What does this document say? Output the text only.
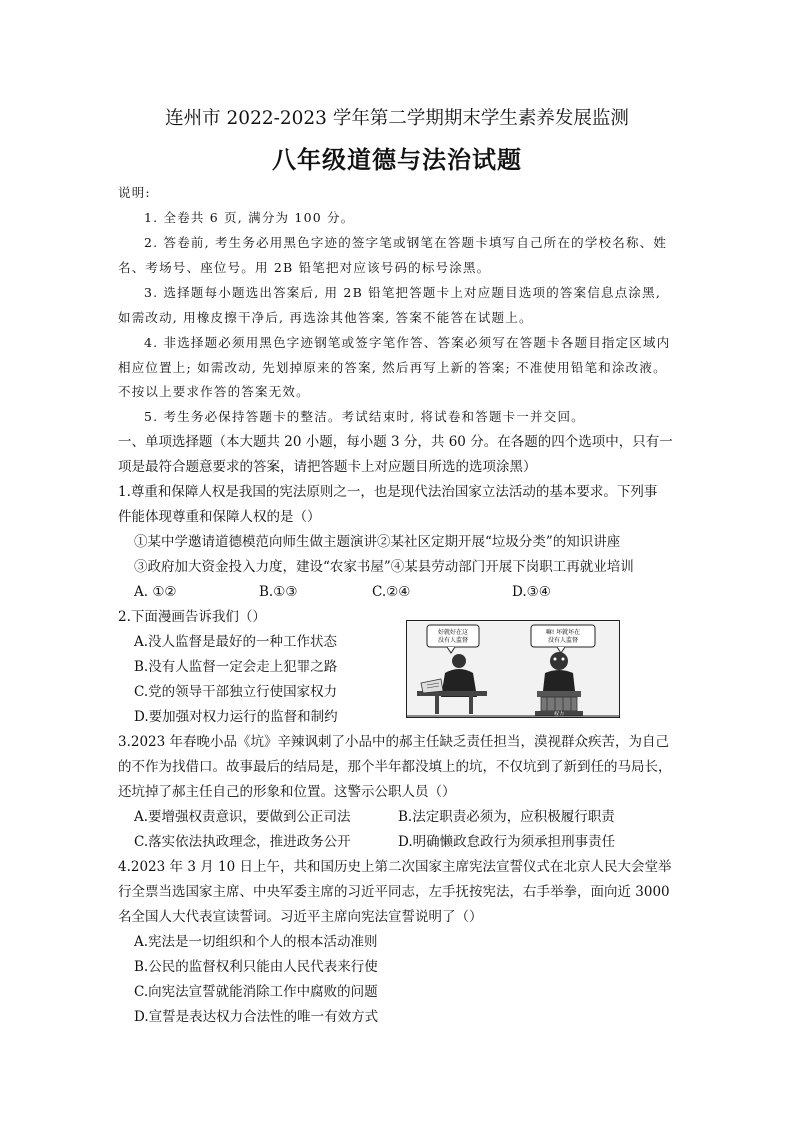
连州市 2022-2023 学年第二学期期末学生素养发展监测
八年级道德与法治试题
说明:
1. 全卷共 6 页, 满分为 100 分。
2. 答卷前, 考生务必用黑色字迹的签字笔或钢笔在答题卡填写自己所在的学校名称、姓
名、考场号、座位号。用 2B 铅笔把对应该号码的标号涂黑。
3. 选择题每小题选出答案后, 用 2B 铅笔把答题卡上对应题目选项的答案信息点涂黑,
如需改动, 用橡皮擦干净后, 再选涂其他答案, 答案不能答在试题上。
4. 非选择题必须用黑色字迹钢笔或签字笔作答、答案必须写在答题卡各题目指定区域内
相应位置上; 如需改动, 先划掉原来的答案, 然后再写上新的答案; 不准使用铅笔和涂改液。
不按以上要求作答的答案无效。
5. 考生务必保持答题卡的整洁。考试结束时, 将试卷和答题卡一并交回。
一、单项选择题（本大题共 20 小题，每小题 3 分，共 60 分。在各题的四个选项中，只有一
项是最符合题意要求的答案，请把答题卡上对应题目所选的选项涂黑）
1.尊重和保障人权是我国的宪法原则之一，也是现代法治国家立法活动的基本要求。下列事
件能体现尊重和保障人权的是（）
①某中学邀请道德模范向师生做主题演讲②某社区定期开展“垃圾分类”的知识讲座
③政府加大资金投入力度，建设“农家书屋”④某县劳动部门开展下岗职工再就业培训
A. ①②	B.①③	C.②④	D.③④
2.下面漫画告诉我们（）
A.没人监督是最好的一种工作状态
B.没有人监督一定会走上犯罪之路
C.党的领导干部独立行使国家权力
D.要加强对权力运行的监督和制约
好就好在这
没有人监督
嘛! 坏就坏在
没有人监督
权力
3.2023 年春晚小品《坑》辛辣讽刺了小品中的郝主任缺乏责任担当，漠视群众疾苦，为自己
的不作为找借口。故事最后的结局是，那个半年都没填上的坑，不仅坑到了新到任的马局长，
还坑掉了郝主任自己的形象和位置。这警示公职人员（）
A.要增强权责意识，要做到公正司法	B.法定职责必须为，应积极履行职责
C.落实依法执政理念，推进政务公开	D.明确懒政怠政行为须承担刑事责任
4.2023 年 3 月 10 日上午，共和国历史上第二次国家主席宪法宣誓仪式在北京人民大会堂举
行全票当选国家主席、中央军委主席的习近平同志，左手抚按宪法，右手举拳，面向近 3000
名全国人大代表宣读誓词。习近平主席向宪法宣誓说明了（）
A.宪法是一切组织和个人的根本活动准则
B.公民的监督权利只能由人民代表来行使
C.向宪法宣誓就能消除工作中腐败的问题
D.宣誓是表达权力合法性的唯一有效方式
